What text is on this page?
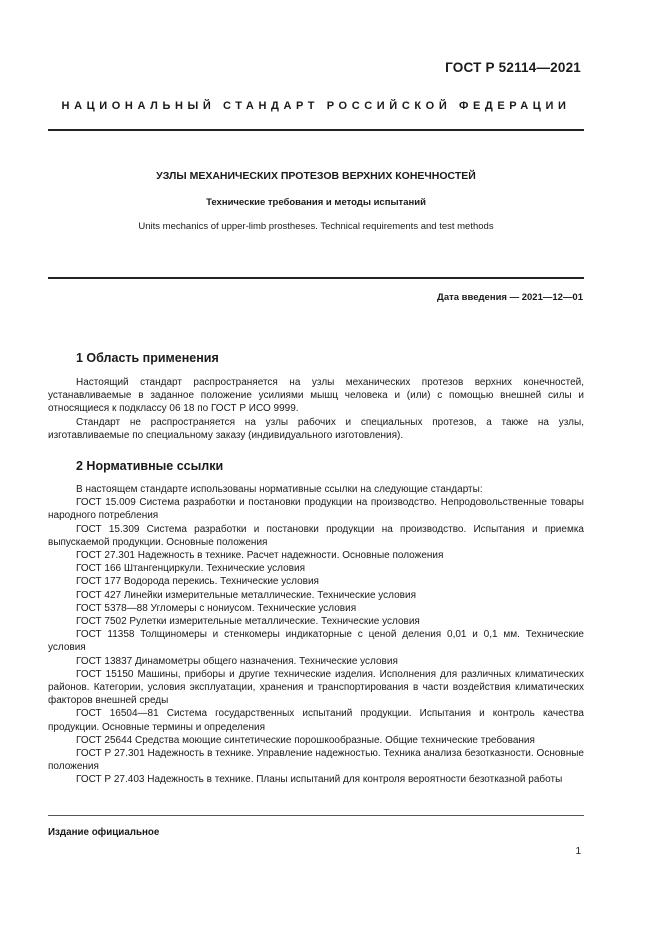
ГОСТ Р 52114—2021
НАЦИОНАЛЬНЫЙ СТАНДАРТ РОССИЙСКОЙ ФЕДЕРАЦИИ
УЗЛЫ МЕХАНИЧЕСКИХ ПРОТЕЗОВ ВЕРХНИХ КОНЕЧНОСТЕЙ
Технические требования и методы испытаний
Units mechanics of upper-limb prostheses. Technical requirements and test methods
Дата введения — 2021—12—01
1 Область применения

Настоящий стандарт распространяется на узлы механических протезов верхних конечностей, устанавливаемые в заданное положение усилиями мышц человека и (или) с помощью внешней силы и относящиеся к подклассу 06 18 по ГОСТ Р ИСО 9999.

Стандарт не распространяется на узлы рабочих и специальных протезов, а также на узлы, изготавливаемые по специальному заказу (индивидуального изготовления).

2 Нормативные ссылки

В настоящем стандарте использованы нормативные ссылки на следующие стандарты:

ГОСТ 15.009 Система разработки и постановки продукции на производство. Непродовольственные товары народного потребления

ГОСТ 15.309 Система разработки и постановки продукции на производство. Испытания и приемка выпускаемой продукции. Основные положения

ГОСТ 27.301 Надежность в технике. Расчет надежности. Основные положения

ГОСТ 166 Штангенциркули. Технические условия

ГОСТ 177 Водорода перекись. Технические условия

ГОСТ 427 Линейки измерительные металлические. Технические условия

ГОСТ 5378—88 Угломеры с нониусом. Технические условия

ГОСТ 7502 Рулетки измерительные металлические. Технические условия

ГОСТ 11358 Толщиномеры и стенкомеры индикаторные с ценой деления 0,01 и 0,1 мм. Технические условия

ГОСТ 13837 Динамометры общего назначения. Технические условия

ГОСТ 15150 Машины, приборы и другие технические изделия. Исполнения для различных климатических районов. Категории, условия эксплуатации, хранения и транспортирования в части воздействия климатических факторов внешней среды

ГОСТ 16504—81 Система государственных испытаний продукции. Испытания и контроль качества продукции. Основные термины и определения

ГОСТ 25644 Средства моющие синтетические порошкообразные. Общие технические требования

ГОСТ Р 27.301 Надежность в технике. Управление надежностью. Техника анализа безотказности. Основные положения

ГОСТ Р 27.403 Надежность в технике. Планы испытаний для контроля вероятности безотказной работы

Издание официальное
1
